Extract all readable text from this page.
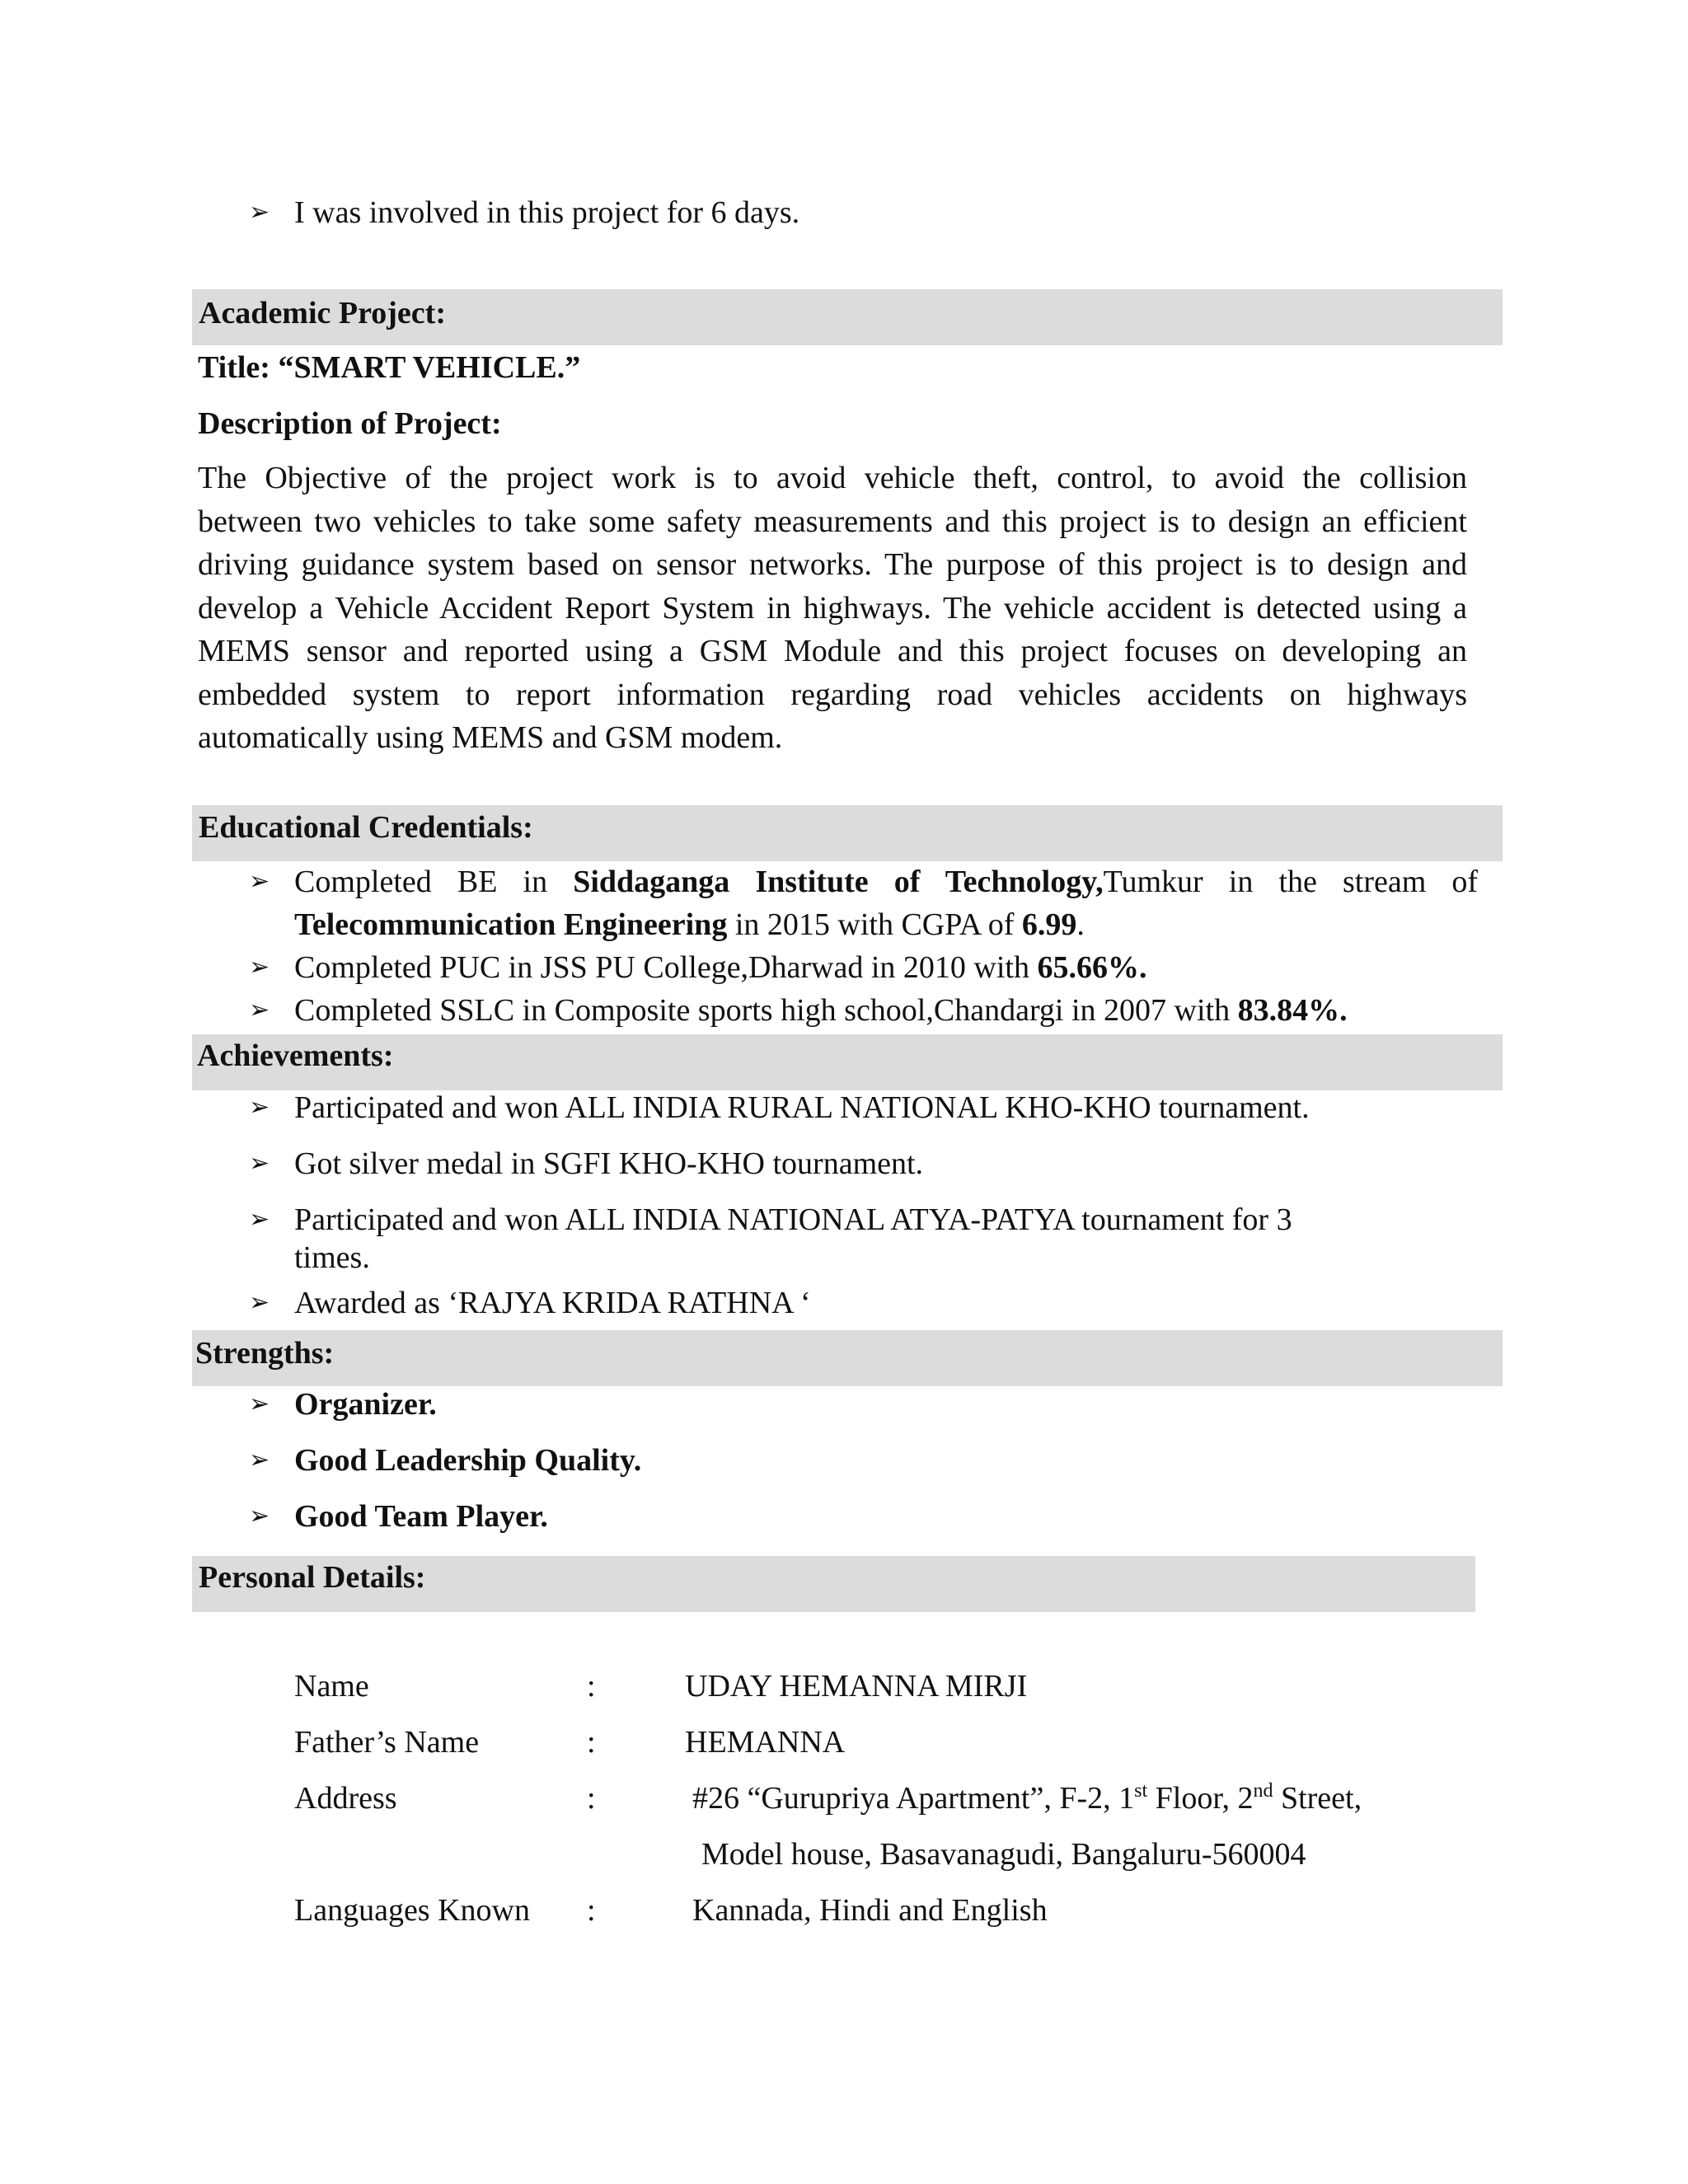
➢ I was involved in this project for 6 days.
Academic Project:
Title: “SMART VEHICLE.”
Description of Project:
The Objective of the project work is to avoid vehicle theft, control, to avoid the collision
between two vehicles to take some safety measurements and this project is to design an efficient
driving guidance system based on sensor networks. The purpose of this project is to design and
develop a Vehicle Accident Report System in highways. The vehicle accident is detected using a
MEMS sensor and reported using a GSM Module and this project focuses on developing an
embedded system to report information regarding road vehicles accidents on highways
automatically using MEMS and GSM modem.
Educational Credentials:
➢ Completed BE in Siddaganga Institute of Technology,Tumkur in the stream of
Telecommunication Engineering in 2015 with CGPA of 6.99.
➢ Completed PUC in JSS PU College,Dharwad in 2010 with 65.66%.
➢ Completed SSLC in Composite sports high school,Chandargi in 2007 with 83.84%.
Achievements:
➢ Participated and won ALL INDIA RURAL NATIONAL KHO-KHO tournament.
➢ Got silver medal in SGFI KHO-KHO tournament.
➢ Participated and won ALL INDIA NATIONAL ATYA-PATYA tournament for 3
times.
➢ Awarded as ‘RAJYA KRIDA RATHNA ‘
Strengths:
➢ Organizer.
➢ Good Leadership Quality.
➢ Good Team Player.
Personal Details:
Name	:	UDAY HEMANNA MIRJI
Father’s Name	:	HEMANNA
Address	:	#26 “Gurupriya Apartment”, F-2, 1st Floor, 2nd Street,
Model house, Basavanagudi, Bangaluru-560004
Languages Known :	Kannada, Hindi and English
